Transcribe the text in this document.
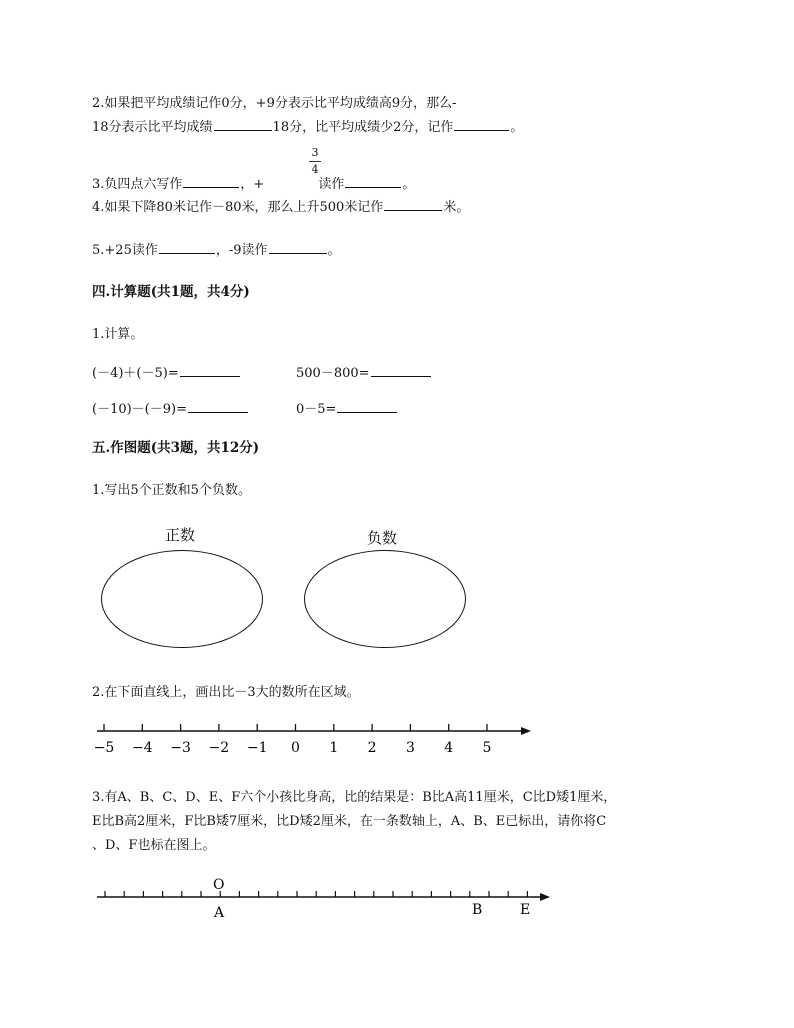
2.如果把平均成绩记作0分，+9分表示比平均成绩高9分，那么-
18分表示比平均成绩	18分，比平均成绩少2分，记作	。
3.负四点六写作	，+	读作	。
3
4
4.如果下降80米记作－80米，那么上升500米记作	米。
5.+25读作	，-9读作	。
四.计算题(共1题，共4分)
1.计算。
(－4)＋(－5)=	500－800=
(－10)－(－9)=	0－5=
五.作图题(共3题，共12分)
1.写出5个正数和5个负数。
正数	负数
2.在下面直线上，画出比－3大的数所在区域。
−5 −4 −3 −2 −1 0 1 2 3 4 5
3.有A、B、C、D、E、F六个小孩比身高，比的结果是：B比A高11厘米，C比D矮1厘米，
E比B高2厘米，F比B矮7厘米，比D矮2厘米，在一条数轴上，A、B、E已标出，请你将C
、D、F也标在图上。
O
A	B	E
